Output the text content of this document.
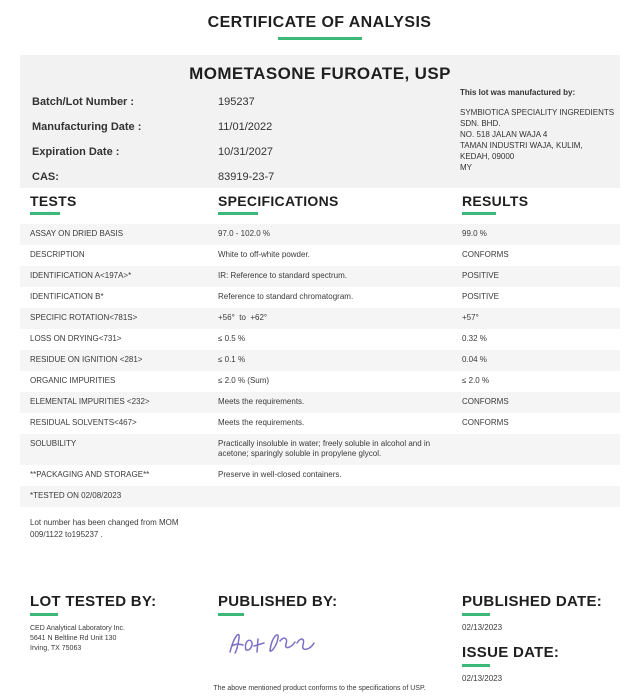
CERTIFICATE OF ANALYSIS
MOMETASONE FUROATE, USP
Batch/Lot Number :	195237
Manufacturing Date :	11/01/2022
Expiration Date :	10/31/2027
CAS:	83919-23-7
This lot was manufactured by:
SYMBIOTICA SPECIALITY INGREDIENTS
SDN. BHD.
NO. 518 JALAN WAJA 4
TAMAN INDUSTRI WAJA, KULIM,
KEDAH, 09000
MY
TESTS	SPECIFICATIONS	RESULTS
ASSAY ON DRIED BASIS	97.0 - 102.0 %	99.0 %
DESCRIPTION	White to off-white powder.	CONFORMS
IDENTIFICATION A<197A>*	IR: Reference to standard spectrum.	POSITIVE
IDENTIFICATION B*	Reference to standard chromatogram.	POSITIVE
SPECIFIC ROTATION<781S>	+56°  to  +62°	+57°
LOSS ON DRYING<731>	≤ 0.5 %	0.32 %
RESIDUE ON IGNITION <281>	≤ 0.1 %	0.04 %
ORGANIC IMPURITIES	≤ 2.0 % (Sum)	≤ 2.0 %
ELEMENTAL IMPURITIES <232>	Meets the requirements.	CONFORMS
RESIDUAL SOLVENTS<467>	Meets the requirements.	CONFORMS
SOLUBILITY	Practically insoluble in water; freely soluble in alcohol and in acetone; sparingly soluble in propylene glycol.
**PACKAGING AND STORAGE**	Preserve in well-closed containers.
*TESTED ON 02/08/2023
Lot number has been changed from MOM 009/1122 to195237 .
LOT TESTED BY:
CED Analytical Laboratory Inc.
5641 N Beltline Rd Unit 130
Irving, TX 75063
PUBLISHED BY:	PUBLISHED DATE:
02/13/2023
ISSUE DATE:
02/13/2023
The above mentioned product conforms to the specifications of USP.
